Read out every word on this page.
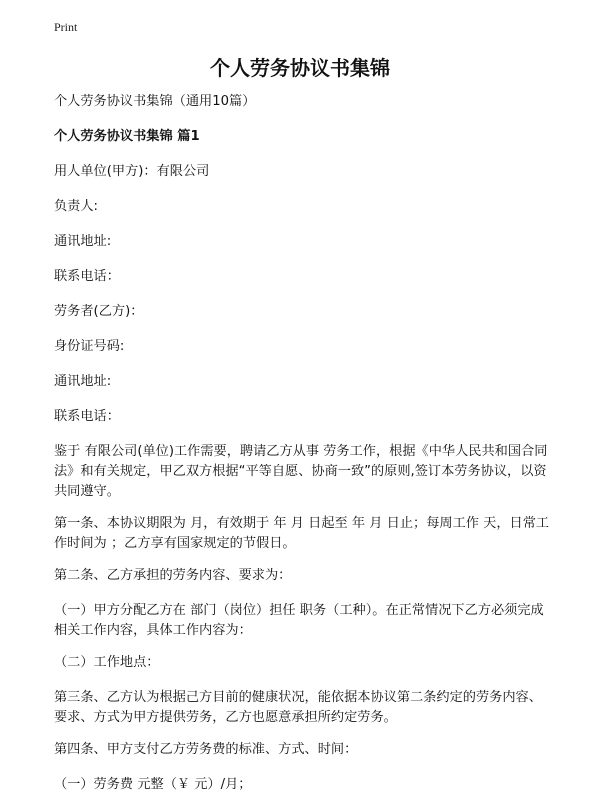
Print
个人劳务协议书集锦

个人劳务协议书集锦（通用10篇）

个人劳务协议书集锦 篇1

用人单位(甲方)：有限公司

负责人:

通讯地址:

联系电话：

劳务者(乙方)：

身份证号码:

通讯地址:

联系电话：

鉴于 有限公司(单位)工作需要，聘请乙方从事 劳务工作，根据《中华人民共和国合同法》和有关规定，甲乙双方根据“平等自愿、协商一致”的原则,签订本劳务协议，以资共同遵守。

第一条、本协议期限为 月，有效期于 年 月 日起至 年 月 日止；每周工作 天，日常工作时间为 ；乙方享有国家规定的节假日。

第二条、乙方承担的劳务内容、要求为：

（一）甲方分配乙方在 部门（岗位）担任 职务（工种）。在正常情况下乙方必须完成相关工作内容，具体工作内容为：

（二）工作地点：

第三条、乙方认为根据己方目前的健康状况，能依据本协议第二条约定的劳务内容、要求、方式为甲方提供劳务，乙方也愿意承担所约定劳务。

第四条、甲方支付乙方劳务费的标准、方式、时间：

（一）劳务费 元整（￥ 元）/月；
